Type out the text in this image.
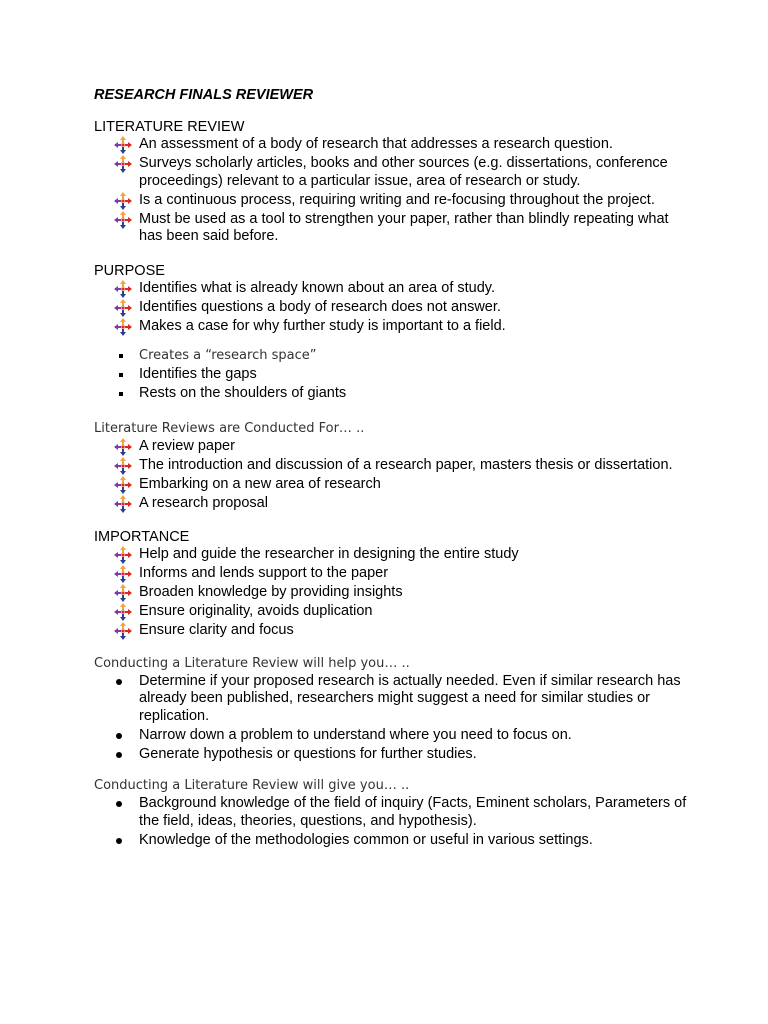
RESEARCH FINALS REVIEWER
LITERATURE REVIEW
An assessment of a body of research that addresses a research question.
Surveys scholarly articles, books and other sources (e.g. dissertations, conference proceedings) relevant to a particular issue, area of research or study.
Is a continuous process, requiring writing and re-focusing throughout the project.
Must be used as a tool to strengthen your paper, rather than blindly repeating what has been said before.
PURPOSE
Identifies what is already known about an area of study.
Identifies questions a body of research does not answer.
Makes a case for why further study is important to a field.
Creates a “research space”
Identifies the gaps
Rests on the shoulders of giants
Literature Reviews are Conducted For… ..
A review paper
The introduction and discussion of a research paper, masters thesis or dissertation.
Embarking on a new area of research
A research proposal
IMPORTANCE
Help and guide the researcher in designing the entire study
Informs and lends support to the paper
Broaden knowledge by providing insights
Ensure originality, avoids duplication
Ensure clarity and focus
Conducting a Literature Review will help you… ..
Determine if your proposed research is actually needed. Even if similar research has already been published, researchers might suggest a need for similar studies or replication.
Narrow down a problem to understand where you need to focus on.
Generate hypothesis or questions for further studies.
Conducting a Literature Review will give you… ..
Background knowledge of the field of inquiry (Facts, Eminent scholars, Parameters of the field, ideas, theories, questions, and hypothesis).
Knowledge of the methodologies common or useful in various settings.
